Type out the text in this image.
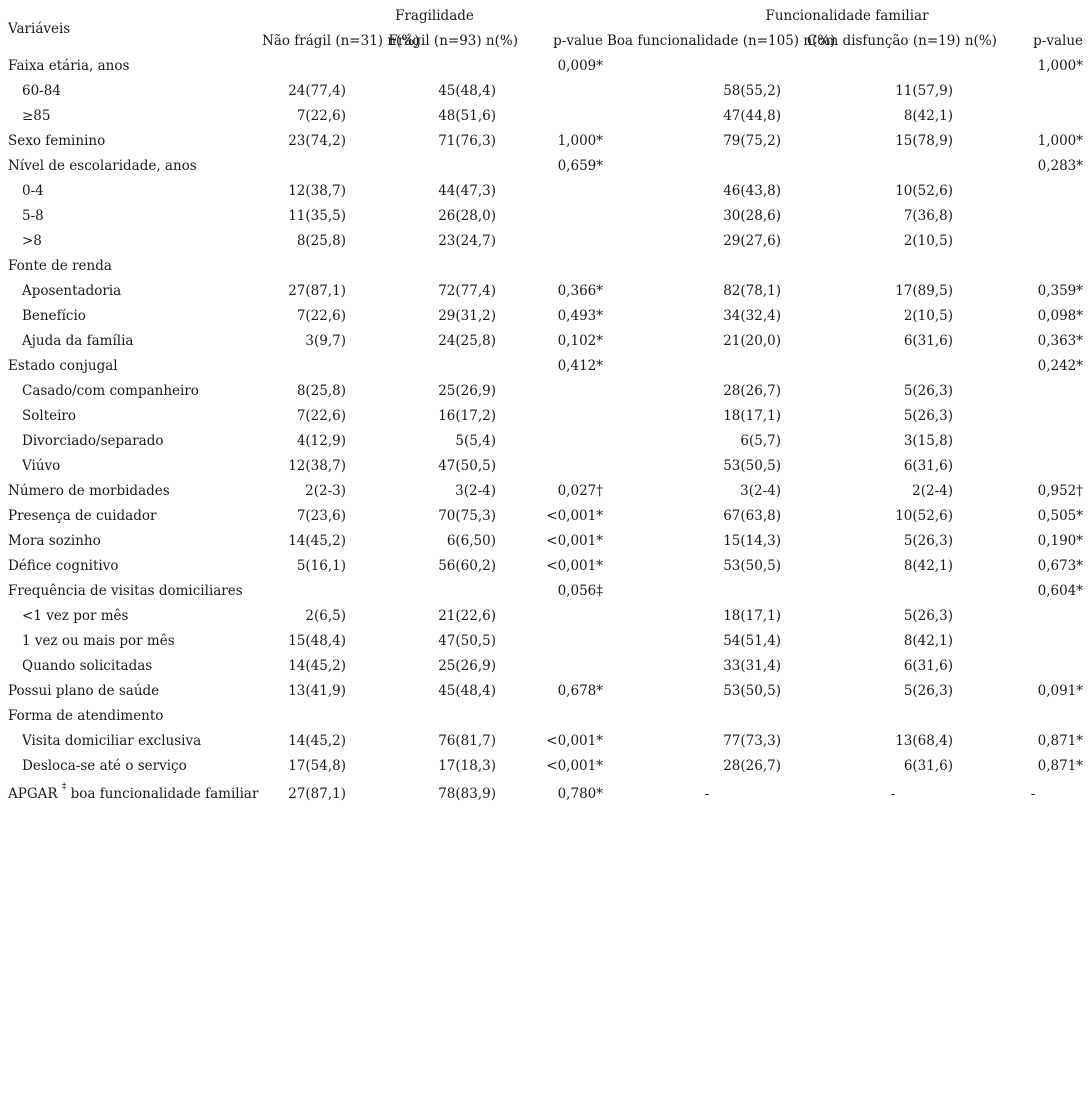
Variáveis	Fragilidade			Funcionalidade familiar		
	Não frágil (n=31) n(%)	Frágil (n=93) n(%)	p-value	Boa funcionalidade (n=105) n(%)	Com disfunção (n=19) n(%)	p-value
Faixa etária, anos			0,009*			1,000*
60-84	24(77,4)	45(48,4)		58(55,2)	11(57,9)	
≥85	7(22,6)	48(51,6)		47(44,8)	8(42,1)	
Sexo feminino	23(74,2)	71(76,3)	1,000*	79(75,2)	15(78,9)	1,000*
Nível de escolaridade, anos			0,659*			0,283*
0-4	12(38,7)	44(47,3)		46(43,8)	10(52,6)	
5-8	11(35,5)	26(28,0)		30(28,6)	7(36,8)	
>8	8(25,8)	23(24,7)		29(27,6)	2(10,5)	
Fonte de renda						
Aposentadoria	27(87,1)	72(77,4)	0,366*	82(78,1)	17(89,5)	0,359*
Benefício	7(22,6)	29(31,2)	0,493*	34(32,4)	2(10,5)	0,098*
Ajuda da família	3(9,7)	24(25,8)	0,102*	21(20,0)	6(31,6)	0,363*
Estado conjugal			0,412*			0,242*
Casado/com companheiro	8(25,8)	25(26,9)		28(26,7)	5(26,3)	
Solteiro	7(22,6)	16(17,2)		18(17,1)	5(26,3)	
Divorciado/separado	4(12,9)	5(5,4)		6(5,7)	3(15,8)	
Viúvo	12(38,7)	47(50,5)		53(50,5)	6(31,6)	
Número de morbidades	2(2-3)	3(2-4)	0,027†	3(2-4)	2(2-4)	0,952†
Presença de cuidador	7(23,6)	70(75,3)	<0,001*	67(63,8)	10(52,6)	0,505*
Mora sozinho	14(45,2)	6(6,50)	<0,001*	15(14,3)	5(26,3)	0,190*
Défice cognitivo	5(16,1)	56(60,2)	<0,001*	53(50,5)	8(42,1)	0,673*
Frequência de visitas domiciliares			0,056‡			0,604*
<1 vez por mês	2(6,5)	21(22,6)		18(17,1)	5(26,3)	
1 vez ou mais por mês	15(48,4)	47(50,5)		54(51,4)	8(42,1)	
Quando solicitadas	14(45,2)	25(26,9)		33(31,4)	6(31,6)	
Possui plano de saúde	13(41,9)	45(48,4)	0,678*	53(50,5)	5(26,3)	0,091*
Forma de atendimento						
Visita domiciliar exclusiva	14(45,2)	76(81,7)	<0,001*	77(73,3)	13(68,4)	0,871*
Desloca-se até o serviço	17(54,8)	17(18,3)	<0,001*	28(26,7)	6(31,6)	0,871*
APGAR ‡ boa funcionalidade familiar	27(87,1)	78(83,9)	0,780*	-	-	-
